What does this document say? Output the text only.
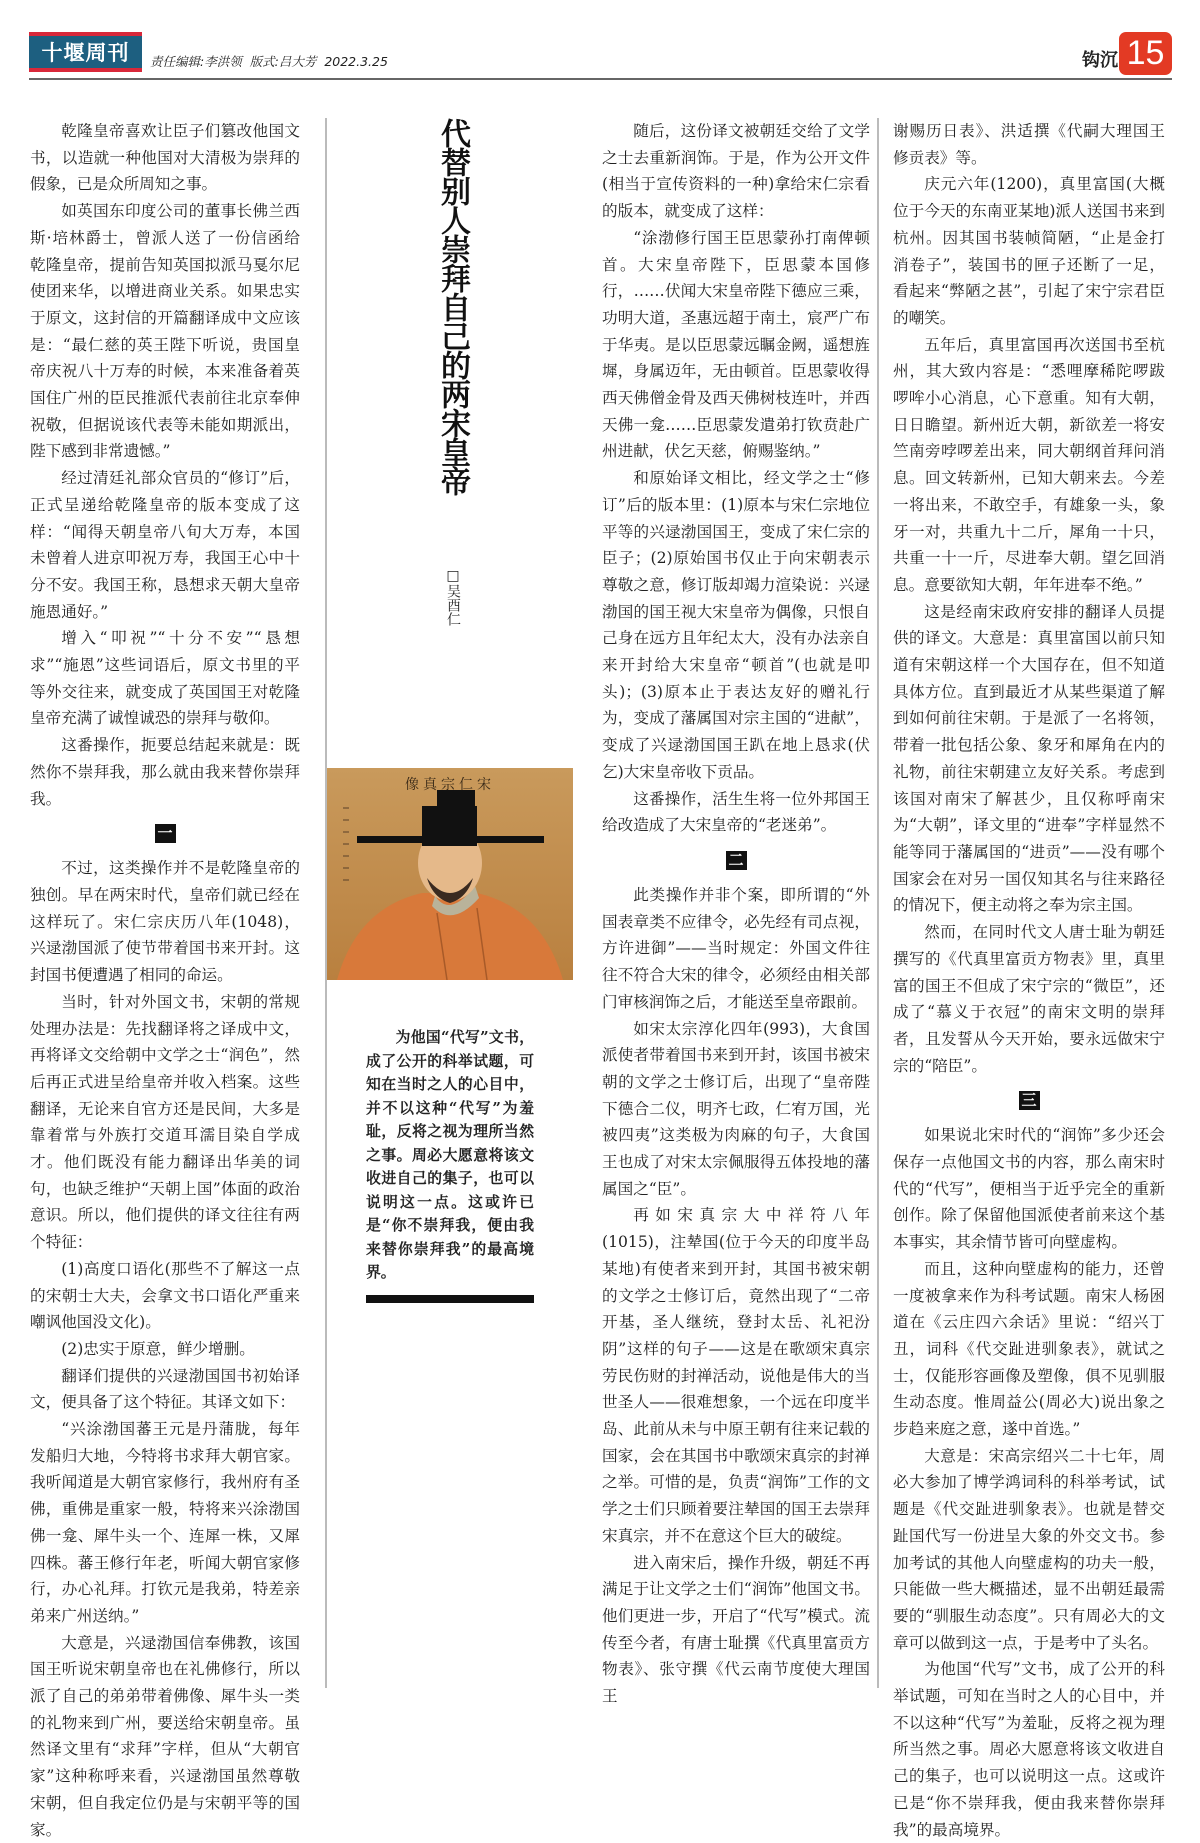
十堰周刊	责任编辑:李洪领  版式:吕大芳  2022.3.25	钩沉 15

乾隆皇帝喜欢让臣子们篡改他国文书，以造就一种他国对大清极为崇拜的假象，已是众所周知之事。

如英国东印度公司的董事长佛兰西斯·培林爵士，曾派人送了一份信函给乾隆皇帝，提前告知英国拟派马戛尔尼使团来华，以增进商业关系。如果忠实于原文，这封信的开篇翻译成中文应该是：“最仁慈的英王陛下听说，贵国皇帝庆祝八十万寿的时候，本来准备着英国住广州的臣民推派代表前往北京奉伸祝敬，但据说该代表等未能如期派出，陛下感到非常遗憾。”

经过清廷礼部众官员的“修订”后，正式呈递给乾隆皇帝的版本变成了这样：“闻得天朝皇帝八旬大万寿，本国未曾着人进京叩祝万寿，我国王心中十分不安。我国王称，恳想求天朝大皇帝施恩通好。”

增入“叩祝”“十分不安”“恳想求”“施恩”这些词语后，原文书里的平等外交往来，就变成了英国国王对乾隆皇帝充满了诚惶诚恐的崇拜与敬仰。

这番操作，扼要总结起来就是：既然你不崇拜我，那么就由我来替你崇拜我。

一

不过，这类操作并不是乾隆皇帝的独创。早在两宋时代，皇帝们就已经在这样玩了。宋仁宗庆历八年(1048)，兴逯渤国派了使节带着国书来开封。这封国书便遭遇了相同的命运。

当时，针对外国文书，宋朝的常规处理办法是：先找翻译将之译成中文，再将译文交给朝中文学之士“润色”，然后再正式进呈给皇帝并收入档案。这些翻译，无论来自官方还是民间，大多是靠着常与外族打交道耳濡目染自学成才。他们既没有能力翻译出华美的词句，也缺乏维护“天朝上国”体面的政治意识。所以，他们提供的译文往往有两个特征：

(1)高度口语化(那些不了解这一点的宋朝士大夫，会拿文书口语化严重来嘲讽他国没文化)。

(2)忠实于原意，鲜少增删。

翻译们提供的兴逯渤国国书初始译文，便具备了这个特征。其译文如下：

“兴涂渤国蕃王元是丹蒲胧，每年发船归大地，今特将书求拜大朝官家。我听闻道是大朝官家修行，我州府有圣佛，重佛是重家一般，特将来兴涂渤国佛一龛、犀牛头一个、连犀一株，又犀四株。蕃王修行年老，听闻大朝官家修行，办心礼拜。打钦元是我弟，特差亲弟来广州送纳。”

大意是，兴逯渤国信奉佛教，该国国王听说宋朝皇帝也在礼佛修行，所以派了自己的弟弟带着佛像、犀牛头一类的礼物来到广州，要送给宋朝皇帝。虽然译文里有“求拜”字样，但从“大朝官家”这种称呼来看，兴逯渤国虽然尊敬宋朝，但自我定位仍是与宋朝平等的国家。

代替别人崇拜自己的两宋皇帝
□吴酉仁
宋仁宗真像

为他国“代写”文书，成了公开的科举试题，可知在当时之人的心目中，并不以这种“代写”为羞耻，反将之视为理所当然之事。周必大愿意将该文收进自己的集子，也可以说明这一点。这或许已是“你不崇拜我，便由我来替你崇拜我”的最高境界。

随后，这份译文被朝廷交给了文学之士去重新润饰。于是，作为公开文件(相当于宣传资料的一种)拿给宋仁宗看的版本，就变成了这样：

“涂渤修行国王臣思蒙孙打南俾顿首。大宋皇帝陛下，臣思蒙本国修行，……伏闻大宋皇帝陛下德应三乘，功明大道，圣惠远超于南土，宸严广布于华夷。是以臣思蒙远瞩金阙，遥想旌墀，身属迈年，无由顿首。臣思蒙收得西天佛僧金骨及西天佛树枝连叶，并西天佛一龛……臣思蒙发遣弟打钦贲赴广州进献，伏乞天慈，俯赐鉴纳。”

和原始译文相比，经文学之士“修订”后的版本里：(1)原本与宋仁宗地位平等的兴逯渤国国王，变成了宋仁宗的臣子；(2)原始国书仅止于向宋朝表示尊敬之意，修订版却竭力渲染说：兴逯渤国的国王视大宋皇帝为偶像，只恨自己身在远方且年纪太大，没有办法亲自来开封给大宋皇帝“顿首”(也就是叩头)；(3)原本止于表达友好的赠礼行为，变成了藩属国对宗主国的“进献”，变成了兴逯渤国国王趴在地上恳求(伏乞)大宋皇帝收下贡品。

这番操作，活生生将一位外邦国王给改造成了大宋皇帝的“老迷弟”。

二

此类操作并非个案，即所谓的“外国表章类不应律令，必先经有司点视，方许进御”——当时规定：外国文件往往不符合大宋的律令，必须经由相关部门审核润饰之后，才能送至皇帝跟前。

如宋太宗淳化四年(993)，大食国派使者带着国书来到开封，该国书被宋朝的文学之士修订后，出现了“皇帝陛下德合二仪，明齐七政，仁宥万国，光被四夷”这类极为肉麻的句子，大食国王也成了对宋太宗佩服得五体投地的藩属国之“臣”。

再如宋真宗大中祥符八年(1015)，注辇国(位于今天的印度半岛某地)有使者来到开封，其国书被宋朝的文学之士修订后，竟然出现了“二帝开基，圣人继统，登封太岳、礼祀汾阴”这样的句子——这是在歌颂宋真宗劳民伤财的封禅活动，说他是伟大的当世圣人——很难想象，一个远在印度半岛、此前从未与中原王朝有往来记载的国家，会在其国书中歌颂宋真宗的封禅之举。可惜的是，负责“润饰”工作的文学之士们只顾着要注辇国的国王去崇拜宋真宗，并不在意这个巨大的破绽。

进入南宋后，操作升级，朝廷不再满足于让文学之士们“润饰”他国文书。他们更进一步，开启了“代写”模式。流传至今者，有唐士耻撰《代真里富贡方物表》、张守撰《代云南节度使大理国王

谢赐历日表》、洪适撰《代嗣大理国王修贡表》等。

庆元六年(1200)，真里富国(大概位于今天的东南亚某地)派人送国书来到杭州。因其国书装帧简陋，“止是金打消卷子”，装国书的匣子还断了一足，看起来“弊陋之甚”，引起了宋宁宗君臣的嘲笑。

五年后，真里富国再次送国书至杭州，其大致内容是：“悉哩摩稀陀啰跋啰哞小心消息，心下意重。知有大朝，日日瞻望。新州近大朝，新欲差一将安竺南旁哱啰差出来，同大朝纲首拜问消息。回文转新州，已知大朝来去。今差一将出来，不敢空手，有雄象一头，象牙一对，共重九十二斤，犀角一十只，共重一十一斤，尽进奉大朝。望乞回消息。意要欲知大朝，年年进奉不绝。”

这是经南宋政府安排的翻译人员提供的译文。大意是：真里富国以前只知道有宋朝这样一个大国存在，但不知道具体方位。直到最近才从某些渠道了解到如何前往宋朝。于是派了一名将领，带着一批包括公象、象牙和犀角在内的礼物，前往宋朝建立友好关系。考虑到该国对南宋了解甚少，且仅称呼南宋为“大朝”，译文里的“进奉”字样显然不能等同于藩属国的“进贡”——没有哪个国家会在对另一国仅知其名与往来路径的情况下，便主动将之奉为宗主国。

然而，在同时代文人唐士耻为朝廷撰写的《代真里富贡方物表》里，真里富的国王不但成了宋宁宗的“微臣”，还成了“慕义于衣冠”的南宋文明的崇拜者，且发誓从今天开始，要永远做宋宁宗的“陪臣”。

三

如果说北宋时代的“润饰”多少还会保存一点他国文书的内容，那么南宋时代的“代写”，便相当于近乎完全的重新创作。除了保留他国派使者前来这个基本事实，其余情节皆可向壁虚构。

而且，这种向壁虚构的能力，还曾一度被拿来作为科考试题。南宋人杨囦道在《云庄四六余话》里说：“绍兴丁丑，词科《代交趾进驯象表》，就试之士，仅能形容画像及塑像，俱不见驯服生动态度。惟周益公(周必大)说出象之步趋来庭之意，遂中首选。”

大意是：宋高宗绍兴二十七年，周必大参加了博学鸿词科的科举考试，试题是《代交趾进驯象表》。也就是替交趾国代写一份进呈大象的外交文书。参加考试的其他人向壁虚构的功夫一般，只能做一些大概描述，显不出朝廷最需要的“驯服生动态度”。只有周必大的文章可以做到这一点，于是考中了头名。

为他国“代写”文书，成了公开的科举试题，可知在当时之人的心目中，并不以这种“代写”为羞耻，反将之视为理所当然之事。周必大愿意将该文收进自己的集子，也可以说明这一点。这或许已是“你不崇拜我，便由我来替你崇拜我”的最高境界。
